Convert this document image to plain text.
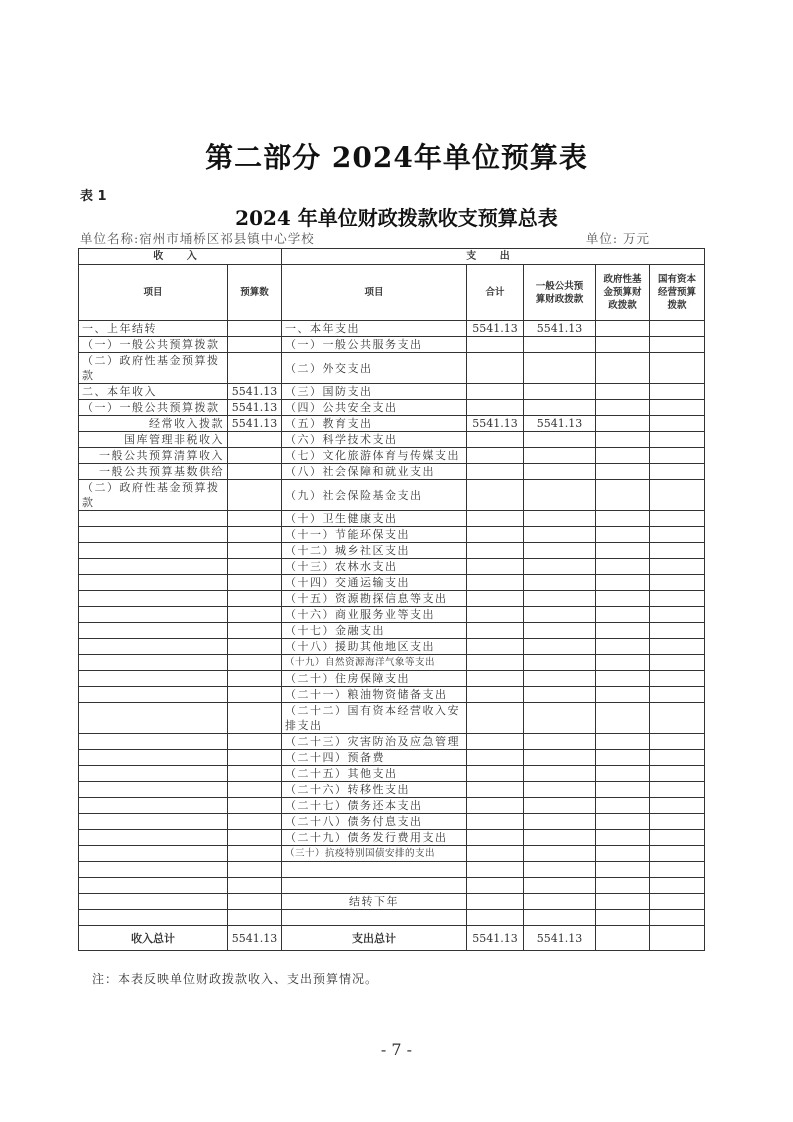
第二部分 2024年单位预算表
表 1
2024 年单位财政拨款收支预算总表
单位名称:宿州市埇桥区祁县镇中心学校	单位: 万元
收 入		支 出				
项目	预算数	项目	合计	一般公共预算财政拨款	政府性基金预算财政拨款	国有资本经营预算拨款
一、上年结转		一、本年支出	5541.13	5541.13		
（一）一般公共预算拨款		（一）一般公共服务支出				
（二）政府性基金预算拨款		（二）外交支出				
二、本年收入	5541.13	（三）国防支出				
（一）一般公共预算拨款	5541.13	（四）公共安全支出				
经常收入拨款	5541.13	（五）教育支出	5541.13	5541.13		
国库管理非税收入		（六）科学技术支出				
一般公共预算清算收入		（七）文化旅游体育与传媒支出				
一般公共预算基数供给		（八）社会保障和就业支出				
（二）政府性基金预算拨款		（九）社会保险基金支出				
		（十）卫生健康支出				
		（十一）节能环保支出				
		（十二）城乡社区支出				
		（十三）农林水支出				
		（十四）交通运输支出				
		（十五）资源勘探信息等支出				
		（十六）商业服务业等支出				
		（十七）金融支出				
		（十八）援助其他地区支出				
		（十九）自然资源海洋气象等支出				
		（二十）住房保障支出				
		（二十一）粮油物资储备支出				
		（二十二）国有资本经营收入安排支出				
		（二十三）灾害防治及应急管理				
		（二十四）预备费				
		（二十五）其他支出				
		（二十六）转移性支出				
		（二十七）债务还本支出				
		（二十八）债务付息支出				
		（二十九）债务发行费用支出				
		（三十）抗疫特别国债安排的支出				

		结转下年				

收入总计	5541.13	支出总计	5541.13	5541.13		
注：本表反映单位财政拨款收入、支出预算情况。
- 7 -
